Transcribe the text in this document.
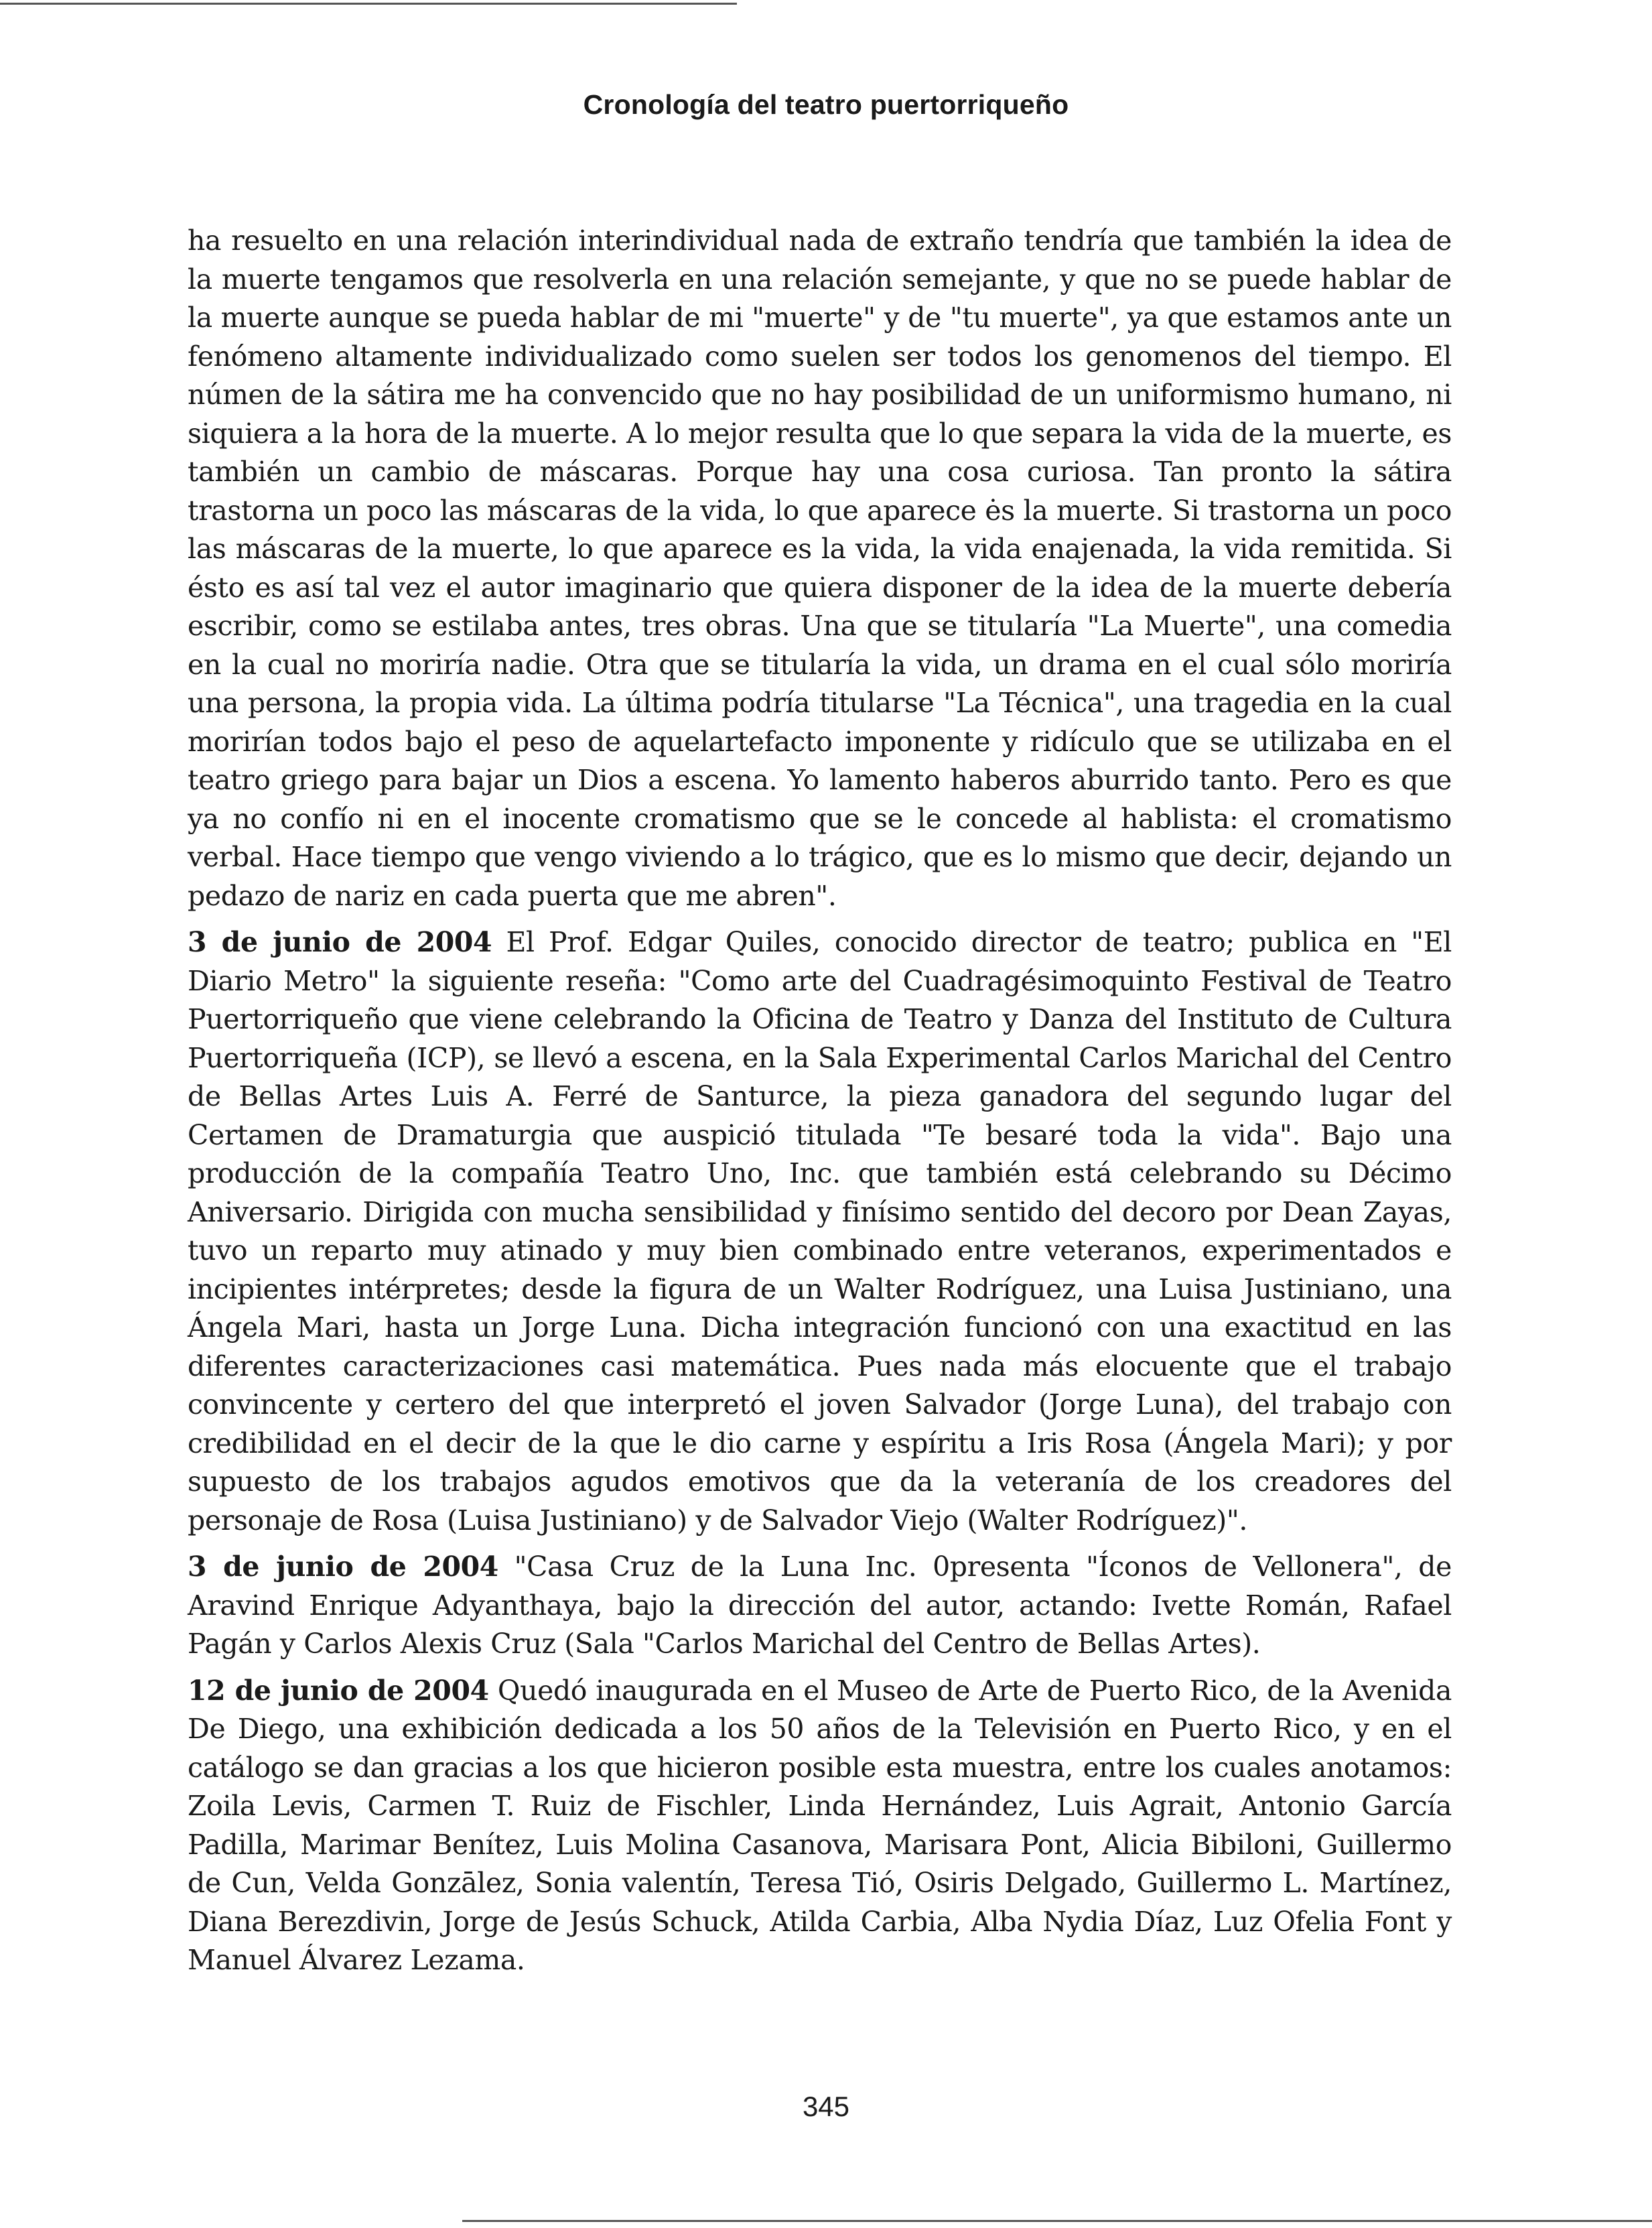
Cronología del teatro puertorriqueño

ha resuelto en una relación interindividual nada de extraño tendría que también la idea de la muerte tengamos que resolverla en una relación semejante, y que no se puede hablar de la muerte aunque se pueda hablar de mi "muerte" y de "tu muerte", ya que estamos ante un fenómeno altamente individualizado como suelen ser todos los genomenos del tiempo. El númen de la sátira me ha convencido que no hay posibilidad de un uniformismo humano, ni siquiera a la hora de la muerte. A lo mejor resulta que lo que separa la vida de la muerte, es también un cambio de máscaras. Porque hay una cosa curiosa. Tan pronto la sátira trastorna un poco las máscaras de la vida, lo que aparece ės la muerte. Si trastorna un poco las máscaras de la muerte, lo que aparece es la vida, la vida enajenada, la vida remitida. Si ésto es así tal vez el autor imaginario que quiera disponer de la idea de la muerte debería escribir, como se estilaba antes, tres obras. Una que se titularía "La Muerte", una comedia en la cual no moriría nadie. Otra que se titularía la vida, un drama en el cual sólo moriría una persona, la propia vida. La última podría titularse "La Técnica", una tragedia en la cual morirían todos bajo el peso de aquelartefacto imponente y ridículo que se utilizaba en el teatro griego para bajar un Dios a escena. Yo lamento haberos aburrido tanto. Pero es que ya no confío ni en el inocente cromatismo que se le concede al hablista: el cromatismo verbal. Hace tiempo que vengo viviendo a lo trágico, que es lo mismo que decir, dejando un pedazo de nariz en cada puerta que me abren".

3 de junio de 2004 El Prof. Edgar Quiles, conocido director de teatro; publica en "El Diario Metro" la siguiente reseña: "Como arte del Cuadragésimoquinto Festival de Teatro Puertorriqueño que viene celebrando la Oficina de Teatro y Danza del Instituto de Cultura Puertorriqueña (ICP), se llevó a escena, en la Sala Experimental Carlos Marichal del Centro de Bellas Artes Luis A. Ferré de Santurce, la pieza ganadora del segundo lugar del Certamen de Dramaturgia que auspició titulada "Te besaré toda la vida". Bajo una producción de la compañía Teatro Uno, Inc. que también está celebrando su Décimo Aniversario. Dirigida con mucha sensibilidad y finísimo sentido del decoro por Dean Zayas, tuvo un reparto muy atinado y muy bien combinado entre veteranos, experimentados e incipientes intérpretes; desde la figura de un Walter Rodríguez, una Luisa Justiniano, una Ángela Mari, hasta un Jorge Luna. Dicha integración funcionó con una exactitud en las diferentes caracterizaciones casi matemática. Pues nada más elocuente que el trabajo convincente y certero del que interpretó el joven Salvador (Jorge Luna), del trabajo con credibilidad en el decir de la que le dio carne y espíritu a Iris Rosa (Ángela Mari); y por supuesto de los trabajos agudos emotivos que da la veteranía de los creadores del personaje de Rosa (Luisa Justiniano) y de Salvador Viejo (Walter Rodríguez)".

3 de junio de 2004 "Casa Cruz de la Luna Inc. 0presenta "Íconos de Vellonera", de Aravind Enrique Adyanthaya, bajo la dirección del autor, actando: Ivette Román, Rafael Pagán y Carlos Alexis Cruz (Sala "Carlos Marichal del Centro de Bellas Artes).

12 de junio de 2004 Quedó inaugurada en el Museo de Arte de Puerto Rico, de la Avenida De Diego, una exhibición dedicada a los 50 años de la Televisión en Puerto Rico, y en el catálogo se dan gracias a los que hicieron posible esta muestra, entre los cuales anotamos: Zoila Levis, Carmen T. Ruiz de Fischler, Linda Hernández, Luis Agrait, Antonio García Padilla, Marimar Benítez, Luis Molina Casanova, Marisara Pont, Alicia Bibiloni, Guillermo de Cun, Velda Gonzālez, Sonia valentín, Teresa Tió, Osiris Delgado, Guillermo L. Martínez, Diana Berezdivin, Jorge de Jesús Schuck, Atilda Carbia, Alba Nydia Díaz, Luz Ofelia Font y Manuel Álvarez Lezama.

345
